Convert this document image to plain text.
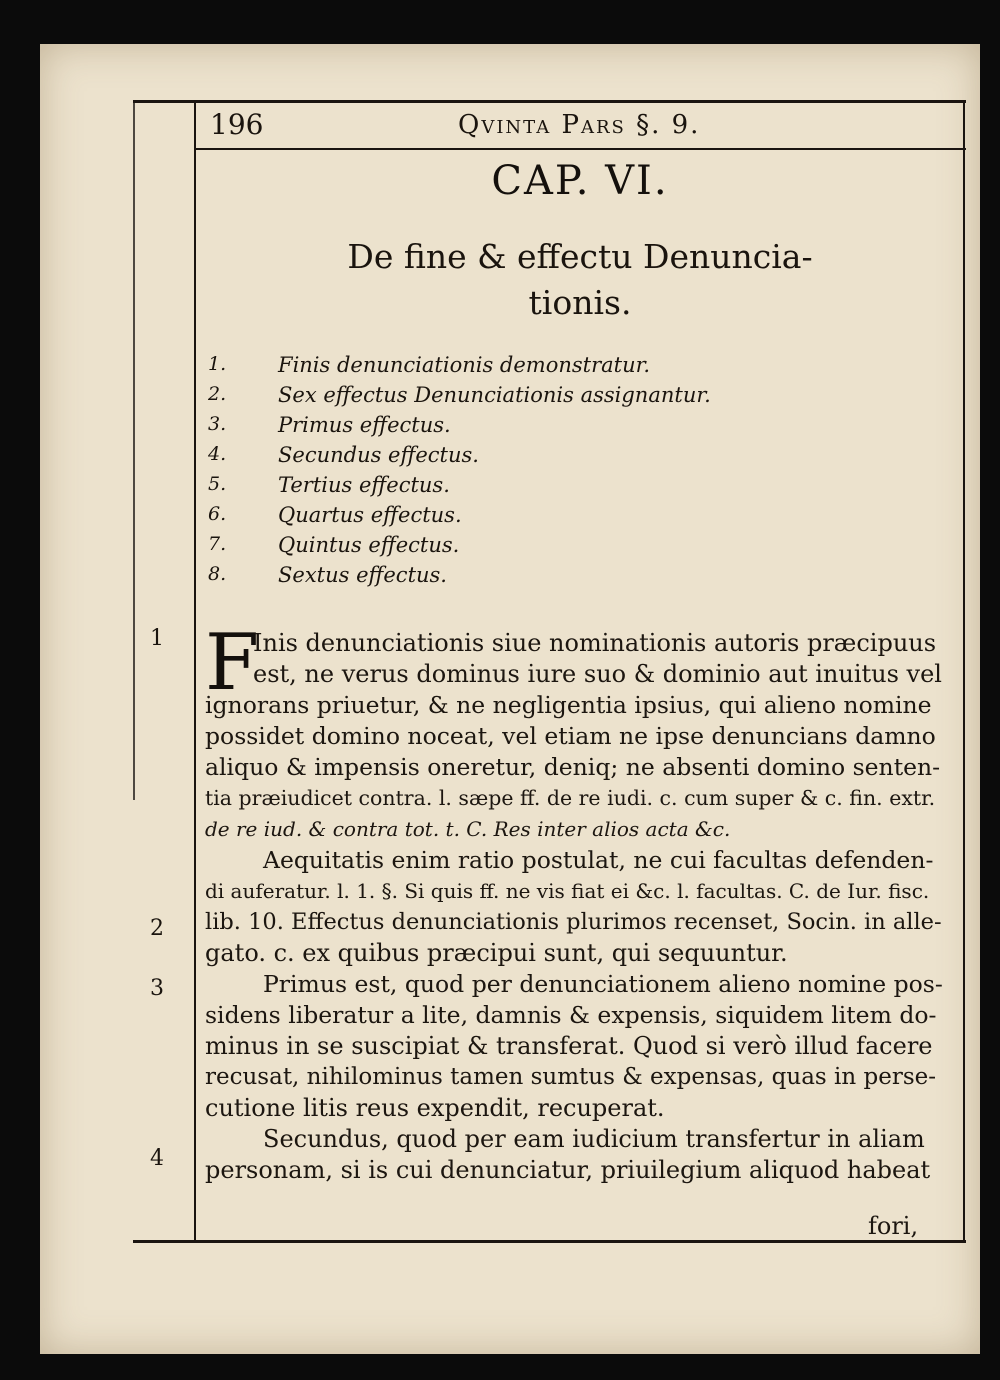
196	Qvinta Pars §. 9.
CAP. VI.
De fine & effectu Denuncia-
tionis.
1. Finis denunciationis demonstratur.
2. Sex effectus Denunciationis assignantur.
3. Primus effectus.
4. Secundus effectus.
5. Tertius effectus.
6. Quartus effectus.
7. Quintus effectus.
8. Sextus effectus.
1
2
3
4
F
Inis denunciationis siue nominationis autoris præcipuus
est, ne verus dominus iure suo & dominio aut inuitus vel
ignorans priuetur, & ne negligentia ipsius, qui alieno nomine
possidet domino noceat, vel etiam ne ipse denuncians damno
aliquo & impensis oneretur, deniq; ne absenti domino senten-
tia præiudicet contra. l. sæpe ff. de re iudi. c. cum super & c. fin. extr.
de re iud. & contra tot. t. C. Res inter alios acta &c.
Aequitatis enim ratio postulat, ne cui facultas defenden-
di auferatur. l. 1. §. Si quis ff. ne vis fiat ei &c. l. facultas. C. de Iur. fisc.
lib. 10. Effectus denunciationis plurimos recenset, Socin. in alle-
gato. c. ex quibus præcipui sunt, qui sequuntur.
Primus est, quod per denunciationem alieno nomine pos-
sidens liberatur a lite, damnis & expensis, siquidem litem do-
minus in se suscipiat & transferat. Quod si verò illud facere
recusat, nihilominus tamen sumtus & expensas, quas in perse-
cutione litis reus expendit, recuperat.
Secundus, quod per eam iudicium transfertur in aliam
personam, si is cui denunciatur, priuilegium aliquod habeat
fori,
